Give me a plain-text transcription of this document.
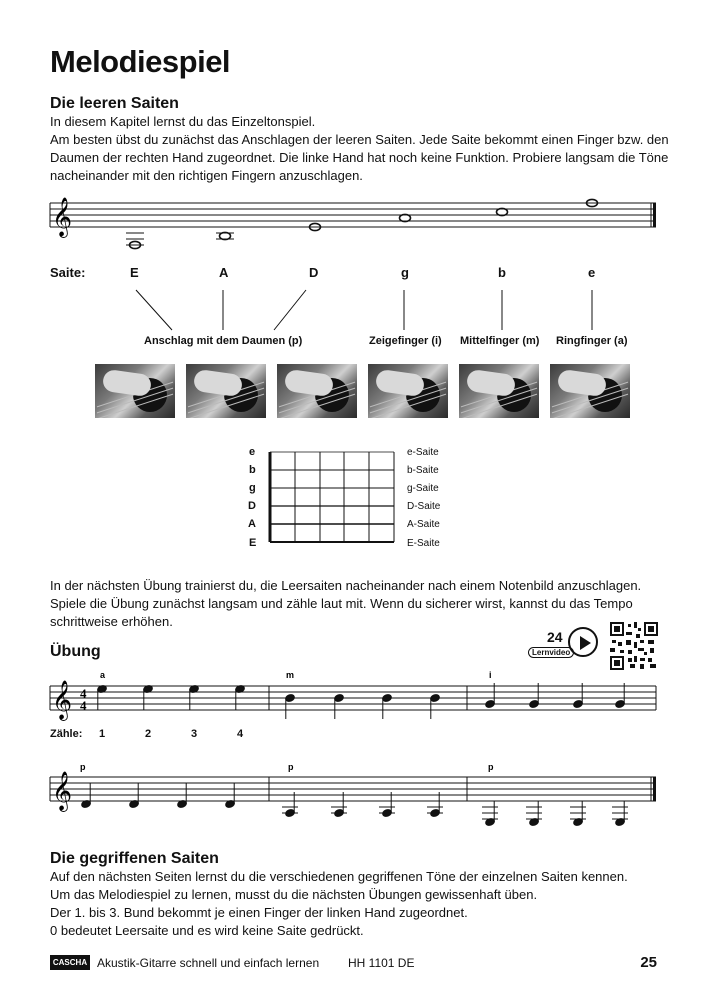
Melodiespiel
Die leeren Saiten

In diesem Kapitel lernst du das Einzeltonspiel.

Am besten übst du zunächst das Anschlagen der leeren Saiten. Jede Saite bekommt einen Finger bzw. den

Daumen der rechten Hand zugeordnet. Die linke Hand hat noch keine Funktion. Probiere langsam die Töne

nacheinander mit den richtigen Fingern anzuschlagen.

𝄞
Saite:	E	A	D	g	b	e
Anschlag mit dem Daumen (p)	Zeigefinger (i) Mittelfinger (m) Ringfinger (a)
e
b
g
D
A
E
e-Saite
b-Saite
g-Saite
D-Saite
A-Saite
E-Saite

In der nächsten Übung trainierst du, die Leersaiten nacheinander nach einem Notenbild anzuschlagen.

Spiele die Übung zunächst langsam und zähle laut mit. Wenn du sicherer wirst, kannst du das Tempo

schrittweise erhöhen.

Übung
24
Lernvideo
𝄞 4
4
a	m	i
Zähle: 1	2	3	4
𝄞
p	p	p
Die gegriffenen Saiten

Auf den nächsten Seiten lernst du die verschiedenen gegriffenen Töne der einzelnen Saiten kennen.

Um das Melodiespiel zu lernen, musst du die nächsten Übungen gewissenhaft üben.

Der 1. bis 3. Bund bekommt je einen Finger der linken Hand zugeordnet.

0 bedeutet Leersaite und es wird keine Saite gedrückt.

CASCHA Akustik-Gitarre schnell und einfach lernen HH 1101 DE	25
